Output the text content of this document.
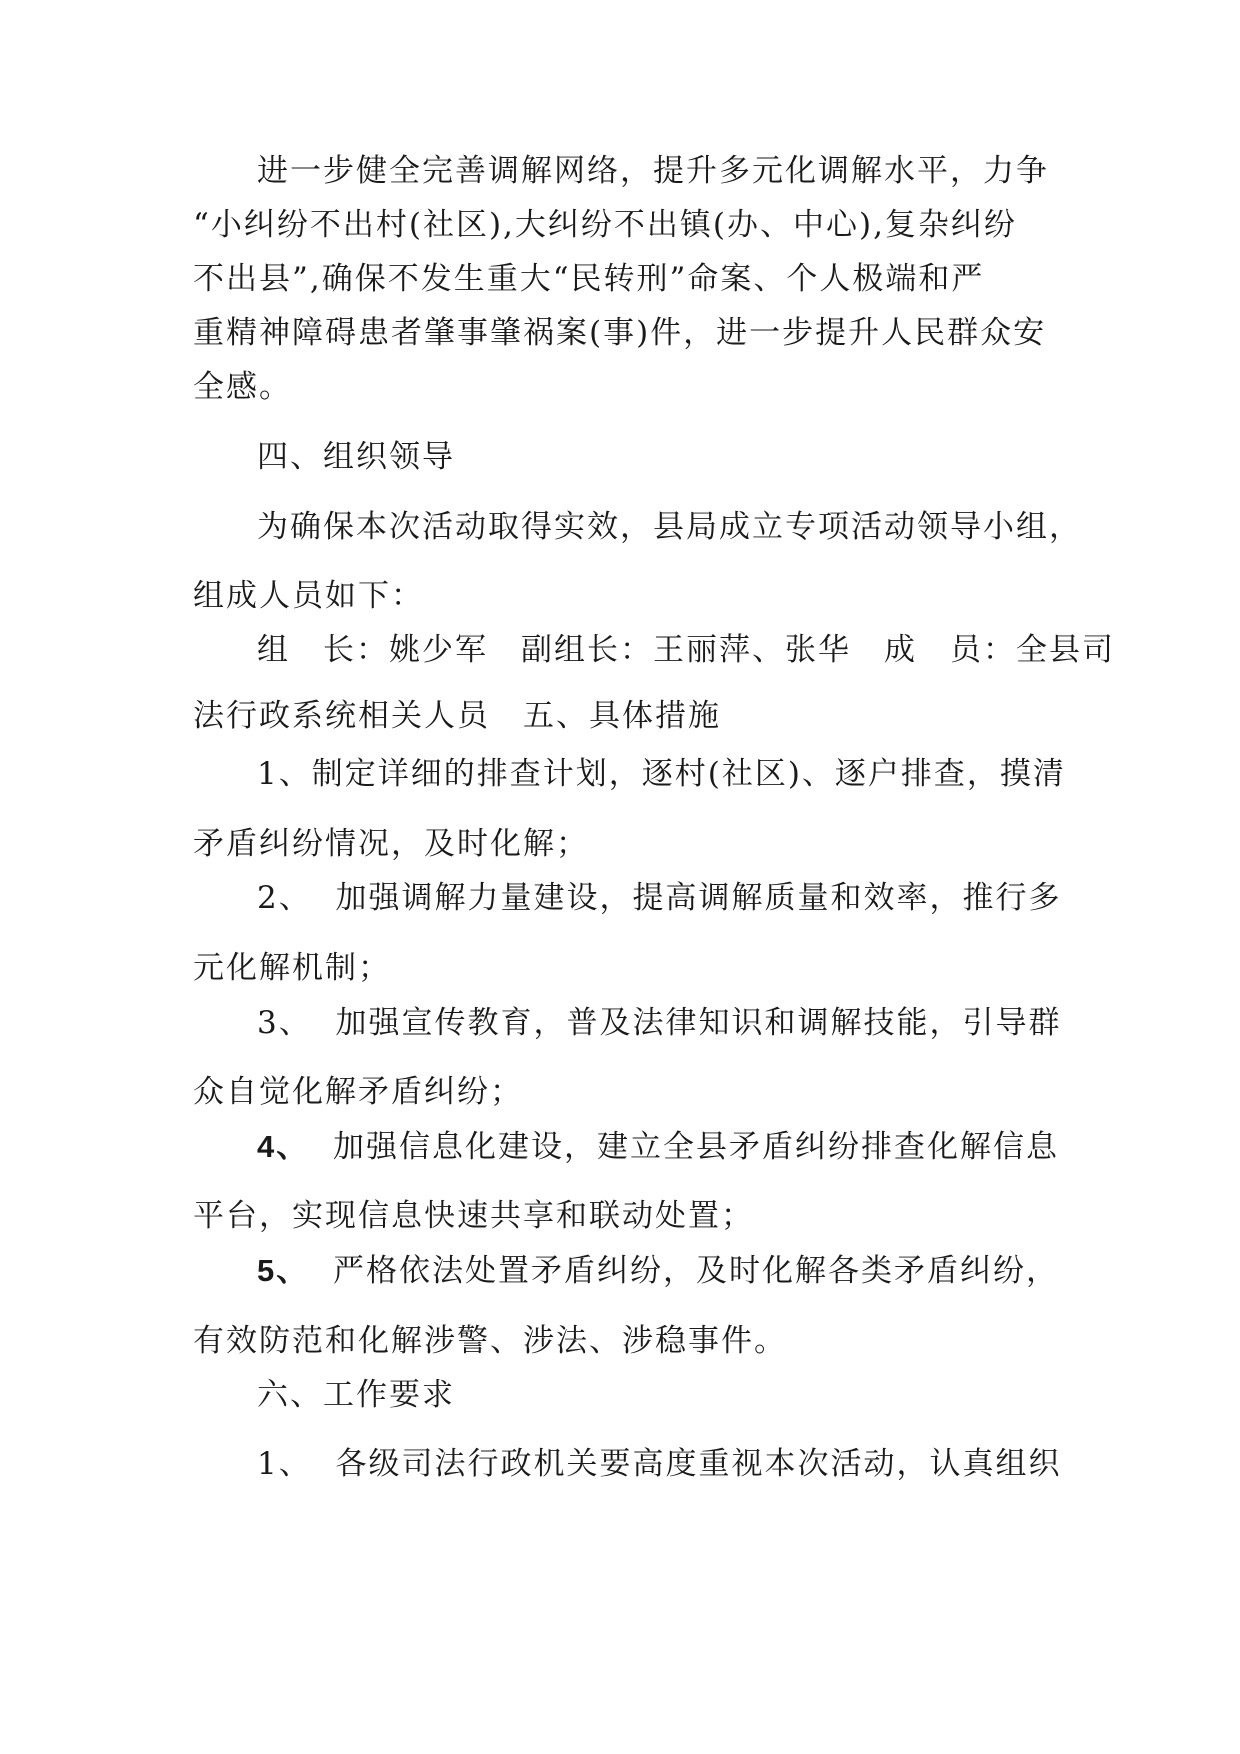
进一步健全完善调解网络，提升多元化调解水平，力争
“小纠纷不出村(社区),大纠纷不出镇(办、中心),复杂纠纷
不出县”,确保不发生重大“民转刑”命案、个人极端和严
重精神障碍患者肇事肇祸案(事)件，进一步提升人民群众安
全感。
四、组织领导
为确保本次活动取得实效，县局成立专项活动领导小组，
组成人员如下：
组　长：姚少军　副组长：王丽萍、张华　成　员：全县司
法行政系统相关人员　五、具体措施
1、制定详细的排查计划，逐村(社区)、逐户排查，摸清
矛盾纠纷情况，及时化解；
2、 加强调解力量建设，提高调解质量和效率，推行多
元化解机制；
3、 加强宣传教育，普及法律知识和调解技能，引导群
众自觉化解矛盾纠纷；
4、 加强信息化建设，建立全县矛盾纠纷排查化解信息
平台，实现信息快速共享和联动处置；
5、 严格依法处置矛盾纠纷，及时化解各类矛盾纠纷，
有效防范和化解涉警、涉法、涉稳事件。
六、工作要求
1、 各级司法行政机关要高度重视本次活动，认真组织
